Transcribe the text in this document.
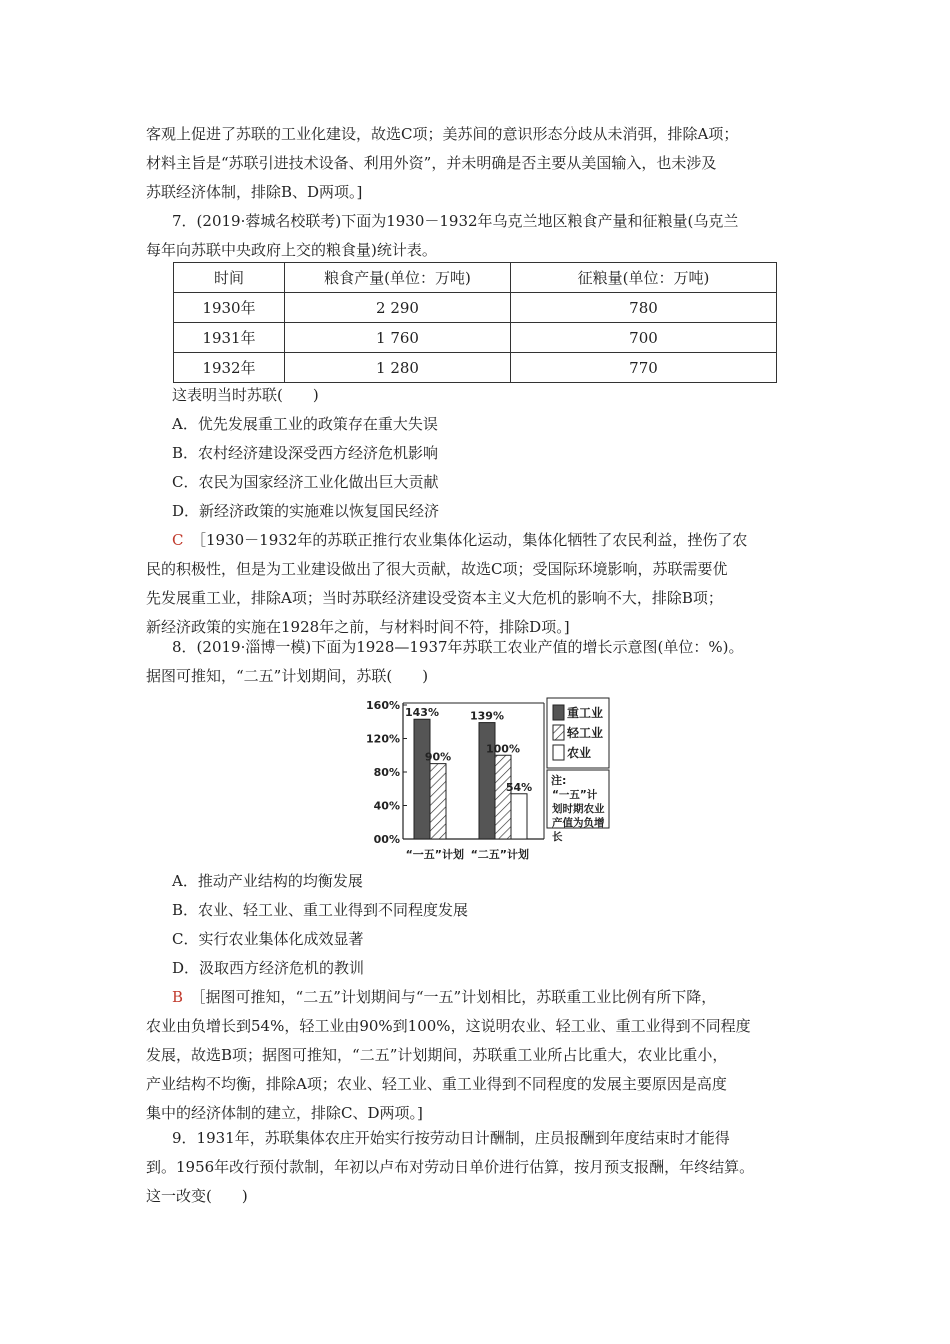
客观上促进了苏联的工业化建设，故选C项；美苏间的意识形态分歧从未消弭，排除A项；
材料主旨是“苏联引进技术设备、利用外资”，并未明确是否主要从美国输入，也未涉及
苏联经济体制，排除B、D两项。]
7．(2019·蓉城名校联考)下面为1930－1932年乌克兰地区粮食产量和征粮量(乌克兰
每年向苏联中央政府上交的粮食量)统计表。
时间	粮食产量(单位：万吨)	征粮量(单位：万吨)
1930年	2 290	780
1931年	1 760	700
1932年	1 280	770
这表明当时苏联(　　)
A．优先发展重工业的政策存在重大失误
B．农村经济建设深受西方经济危机影响
C．农民为国家经济工业化做出巨大贡献
D．新经济政策的实施难以恢复国民经济
C　 ［1930－1932年的苏联正推行农业集体化运动，集体化牺牲了农民利益，挫伤了农
民的积极性，但是为工业建设做出了很大贡献，故选C项；受国际环境影响，苏联需要优
先发展重工业，排除A项；当时苏联经济建设受资本主义大危机的影响不大，排除B项；
新经济政策的实施在1928年之前，与材料时间不符，排除D项。]
8．(2019·淄博一模)下面为1928—1937年苏联工农业产值的增长示意图(单位：%)。
据图可推知，“二五”计划期间，苏联(　　)
160%
120%
80%
40%
00%
143%	139%
90%
100%
54%
“一五”计划 “二五”计划
重工业
轻工业
农业
注:
“一五”计
划时期农业
产值为负增
长
A．推动产业结构的均衡发展
B．农业、轻工业、重工业得到不同程度发展
C．实行农业集体化成效显著
D．汲取西方经济危机的教训
B　 ［据图可推知，“二五”计划期间与“一五”计划相比，苏联重工业比例有所下降，
农业由负增长到54%，轻工业由90%到100%，这说明农业、轻工业、重工业得到不同程度
发展，故选B项；据图可推知，“二五”计划期间，苏联重工业所占比重大，农业比重小，
产业结构不均衡，排除A项；农业、轻工业、重工业得到不同程度的发展主要原因是高度
集中的经济体制的建立，排除C、D两项。]
9．1931年，苏联集体农庄开始实行按劳动日计酬制，庄员报酬到年度结束时才能得
到。1956年改行预付款制，年初以卢布对劳动日单价进行估算，按月预支报酬，年终结算。
这一改变(　　)
